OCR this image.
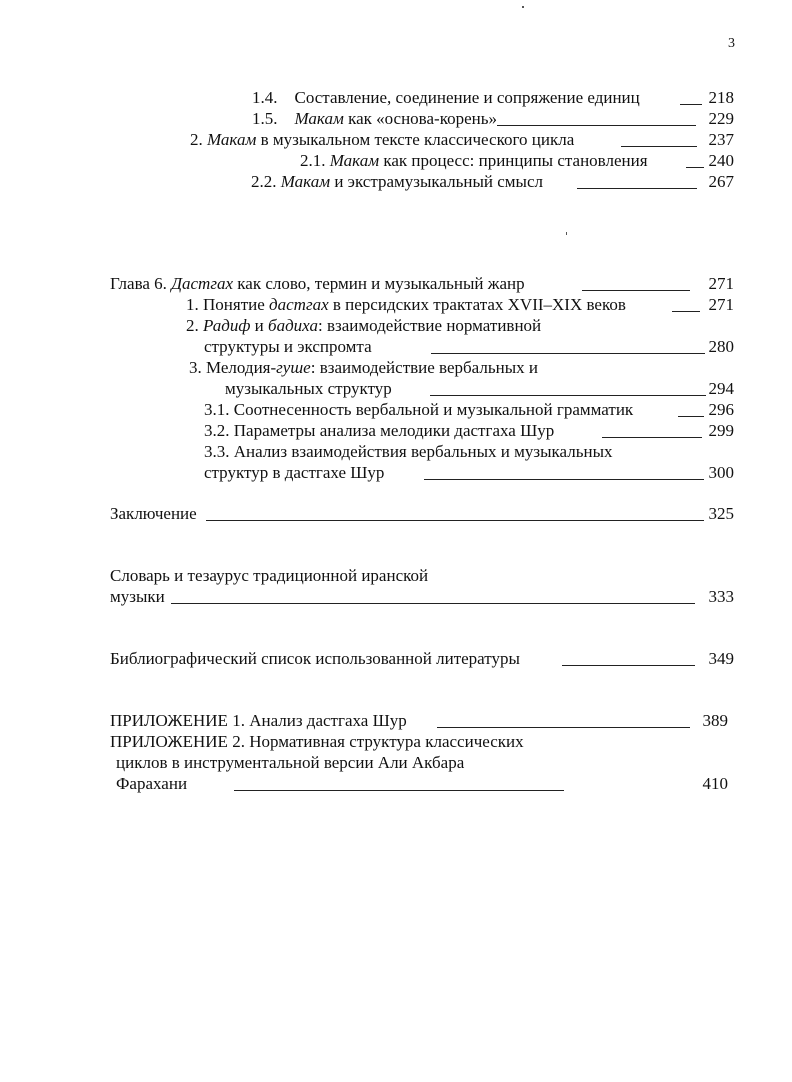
3
1.4. Составление, соединение и сопряжение единиц	218
1.5. Макам как «основа-корень»	229
2. Макам в музыкальном тексте классического цикла	237
2.1. Макам как процесс: принципы становления	240
2.2. Макам и экстрамузыкальный смысл	267
Глава 6. Дастгах как слово, термин и музыкальный жанр	271
1. Понятие дастгах в персидских трактатах XVII–XIX веков	271
2. Радиф и бадиха: взаимодействие нормативной
структуры и экспромта	280
3. Мелодия-гуше: взаимодействие вербальных и
музыкальных структур	294
3.1. Соотнесенность вербальной и музыкальной грамматик	296
3.2. Параметры анализа мелодики дастгаха Шур	299
3.3. Анализ взаимодействия вербальных и музыкальных
структур в дастгахе Шур	300
Заключение	325
Словарь и тезаурус традиционной иранской
музыки	333
Библиографический список использованной литературы	349
ПРИЛОЖЕНИЕ 1. Анализ дастгаха Шур	389
ПРИЛОЖЕНИЕ 2. Нормативная структура классических
циклов в инструментальной версии Али Акбара
Фарахани	410
